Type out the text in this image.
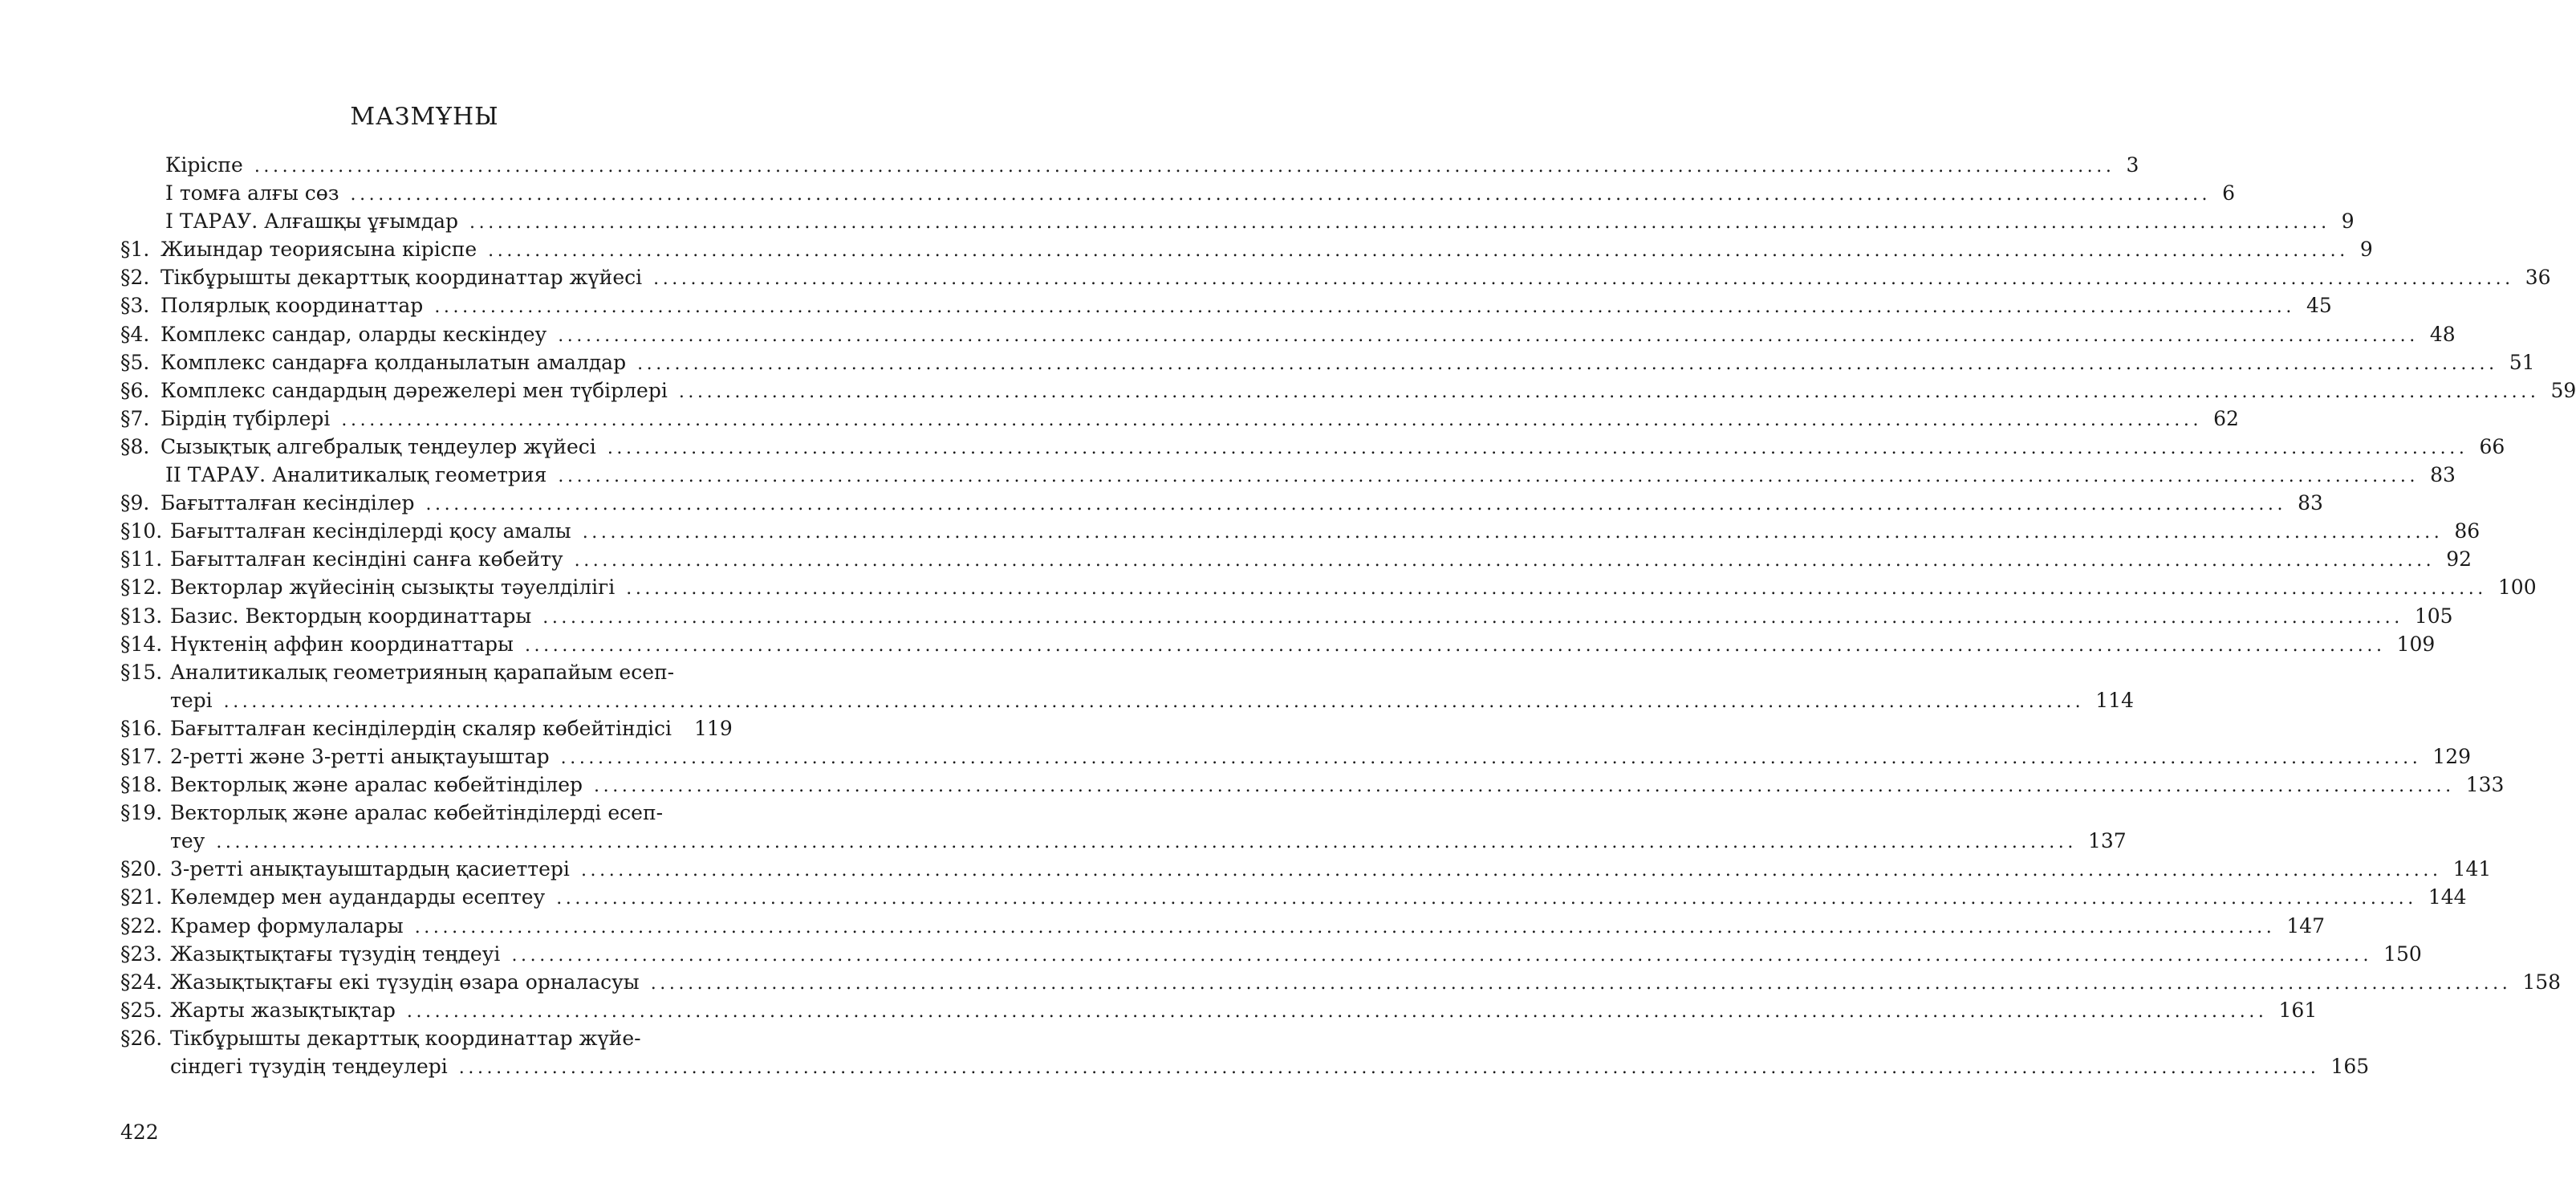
МАЗМҰНЫ
Кіріспе ........................................................................................................................................................................................................ 3
I томға алғы сөз ........................................................................................................................................................................................................ 6
I ТАРАУ. Алғашқы ұғымдар ........................................................................................................................................................................................................ 9
§1. Жиындар теориясына кіріспе ........................................................................................................................................................................................................ 9
§2. Тікбұрышты декарттық координаттар жүйесі ........................................................................................................................................................................................................ 36
§3. Полярлық координаттар ........................................................................................................................................................................................................ 45
§4. Комплекс сандар, оларды кескіндеу ........................................................................................................................................................................................................ 48
§5. Комплекс сандарға қолданылатын амалдар ........................................................................................................................................................................................................ 51
§6. Комплекс сандардың дәрежелері мен түбірлері ........................................................................................................................................................................................................ 59
§7. Бірдің түбірлері ........................................................................................................................................................................................................ 62
§8. Сызықтық алгебралық теңдеулер жүйесі ........................................................................................................................................................................................................ 66
II ТАРАУ. Аналитикалық геометрия ........................................................................................................................................................................................................ 83
§9. Бағытталған кесінділер ........................................................................................................................................................................................................ 83
§10. Бағытталған кесінділерді қосу амалы ........................................................................................................................................................................................................ 86
§11. Бағытталған кесіндіні санға көбейту ........................................................................................................................................................................................................ 92
§12. Векторлар жүйесінің сызықты тәуелділігі ........................................................................................................................................................................................................ 100
§13. Базис. Вектордың координаттары ........................................................................................................................................................................................................ 105
§14. Нүктенің аффин координаттары ........................................................................................................................................................................................................ 109
§15. Аналитикалық геометрияның қарапайым есеп-
тері ........................................................................................................................................................................................................ 114
§16. Бағытталған кесінділердің скаляр көбейтіндісі 119
§17. 2-ретті және 3-ретті анықтауыштар ........................................................................................................................................................................................................ 129
§18. Векторлық және аралас көбейтінділер ........................................................................................................................................................................................................ 133
§19. Векторлық және аралас көбейтінділерді есеп-
теу ........................................................................................................................................................................................................ 137
§20. 3-ретті анықтауыштардың қасиеттері ........................................................................................................................................................................................................ 141
§21. Көлемдер мен аудандарды есептеу ........................................................................................................................................................................................................ 144
§22. Крамер формулалары ........................................................................................................................................................................................................ 147
§23. Жазықтықтағы түзудің теңдеуі ........................................................................................................................................................................................................ 150
§24. Жазықтықтағы екі түзудің өзара орналасуы ........................................................................................................................................................................................................ 158
§25. Жарты жазықтықтар ........................................................................................................................................................................................................ 161
§26. Тікбұрышты декарттық координаттар жүйе-
сіндегі түзудің теңдеулері ........................................................................................................................................................................................................ 165
422
